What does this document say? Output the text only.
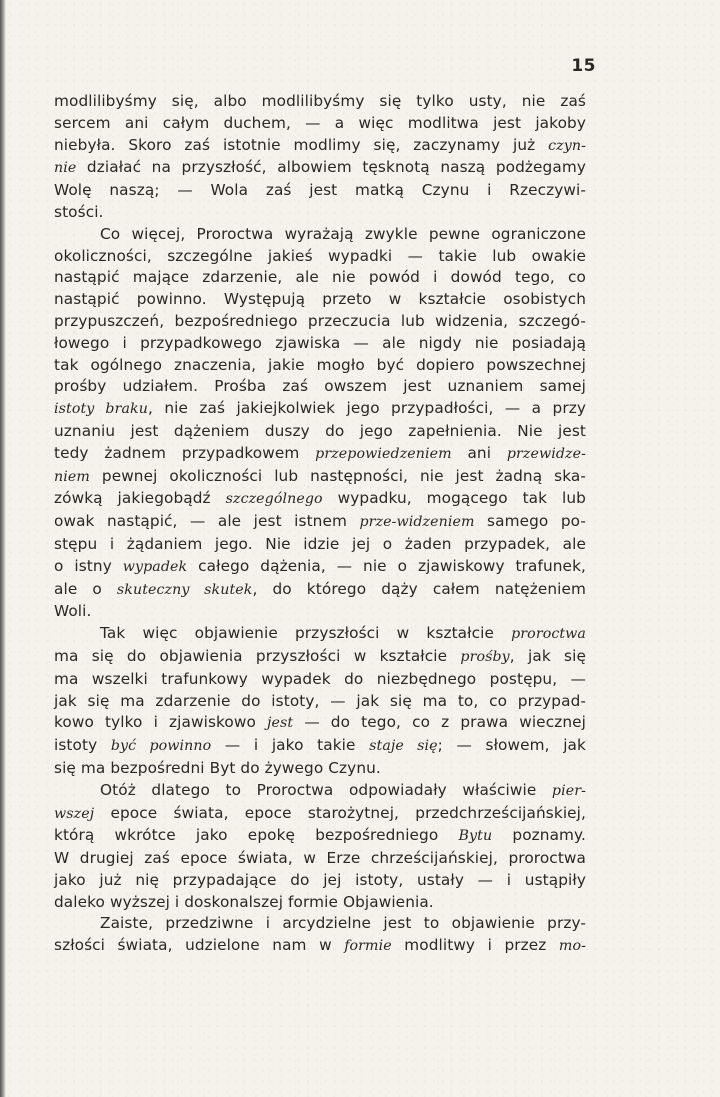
15
modlilibyśmy się, albo modlilibyśmy się tylko usty, nie zaś
sercem ani całym duchem, — a więc modlitwa jest jakoby
niebyła. Skoro zaś istotnie modlimy się, zaczynamy już czyn-
nie działać na przyszłość, albowiem tęsknotą naszą podżegamy
Wolę naszą; — Wola zaś jest matką Czynu i Rzeczywi-
stości.
Co więcej, Proroctwa wyrażają zwykle pewne ograniczone
okoliczności, szczególne jakieś wypadki — takie lub owakie
nastąpić mające zdarzenie, ale nie powód i dowód tego, co
nastąpić powinno. Występują przeto w kształcie osobistych
przypuszczeń, bezpośredniego przeczucia lub widzenia, szczegó-
łowego i przypadkowego zjawiska — ale nigdy nie posiadają
tak ogólnego znaczenia, jakie mogło być dopiero powszechnej
prośby udziałem. Prośba zaś owszem jest uznaniem samej
istoty braku, nie zaś jakiejkolwiek jego przypadłości, — a przy
uznaniu jest dążeniem duszy do jego zapełnienia. Nie jest
tedy żadnem przypadkowem przepowiedzeniem ani przewidze-
niem pewnej okoliczności lub następności, nie jest żadną ska-
zówką jakiegobądź szczególnego wypadku, mogącego tak lub
owak nastąpić, — ale jest istnem prze-widzeniem samego po-
stępu i żądaniem jego. Nie idzie jej o żaden przypadek, ale
o istny wypadek całego dążenia, — nie o zjawiskowy trafunek,
ale o skuteczny skutek, do którego dąży całem natężeniem
Woli.
Tak więc objawienie przyszłości w kształcie proroctwa
ma się do objawienia przyszłości w kształcie prośby, jak się
ma wszelki trafunkowy wypadek do niezbędnego postępu, —
jak się ma zdarzenie do istoty, — jak się ma to, co przypad-
kowo tylko i zjawiskowo jest — do tego, co z prawa wiecznej
istoty być powinno — i jako takie staje się; — słowem, jak
się ma bezpośredni Byt do żywego Czynu.
Otóż dlatego to Proroctwa odpowiadały właściwie pier-
wszej epoce świata, epoce starożytnej, przedchrześcijańskiej,
którą wkrótce jako epokę bezpośredniego Bytu poznamy.
W drugiej zaś epoce świata, w Erze chrześcijańskiej, proroctwa
jako już nię przypadające do jej istoty, ustały — i ustąpiły
daleko wyższej i doskonalszej formie Objawienia.
Zaiste, przedziwne i arcydzielne jest to objawienie przy-
szłości świata, udzielone nam w formie modlitwy i przez mo-
